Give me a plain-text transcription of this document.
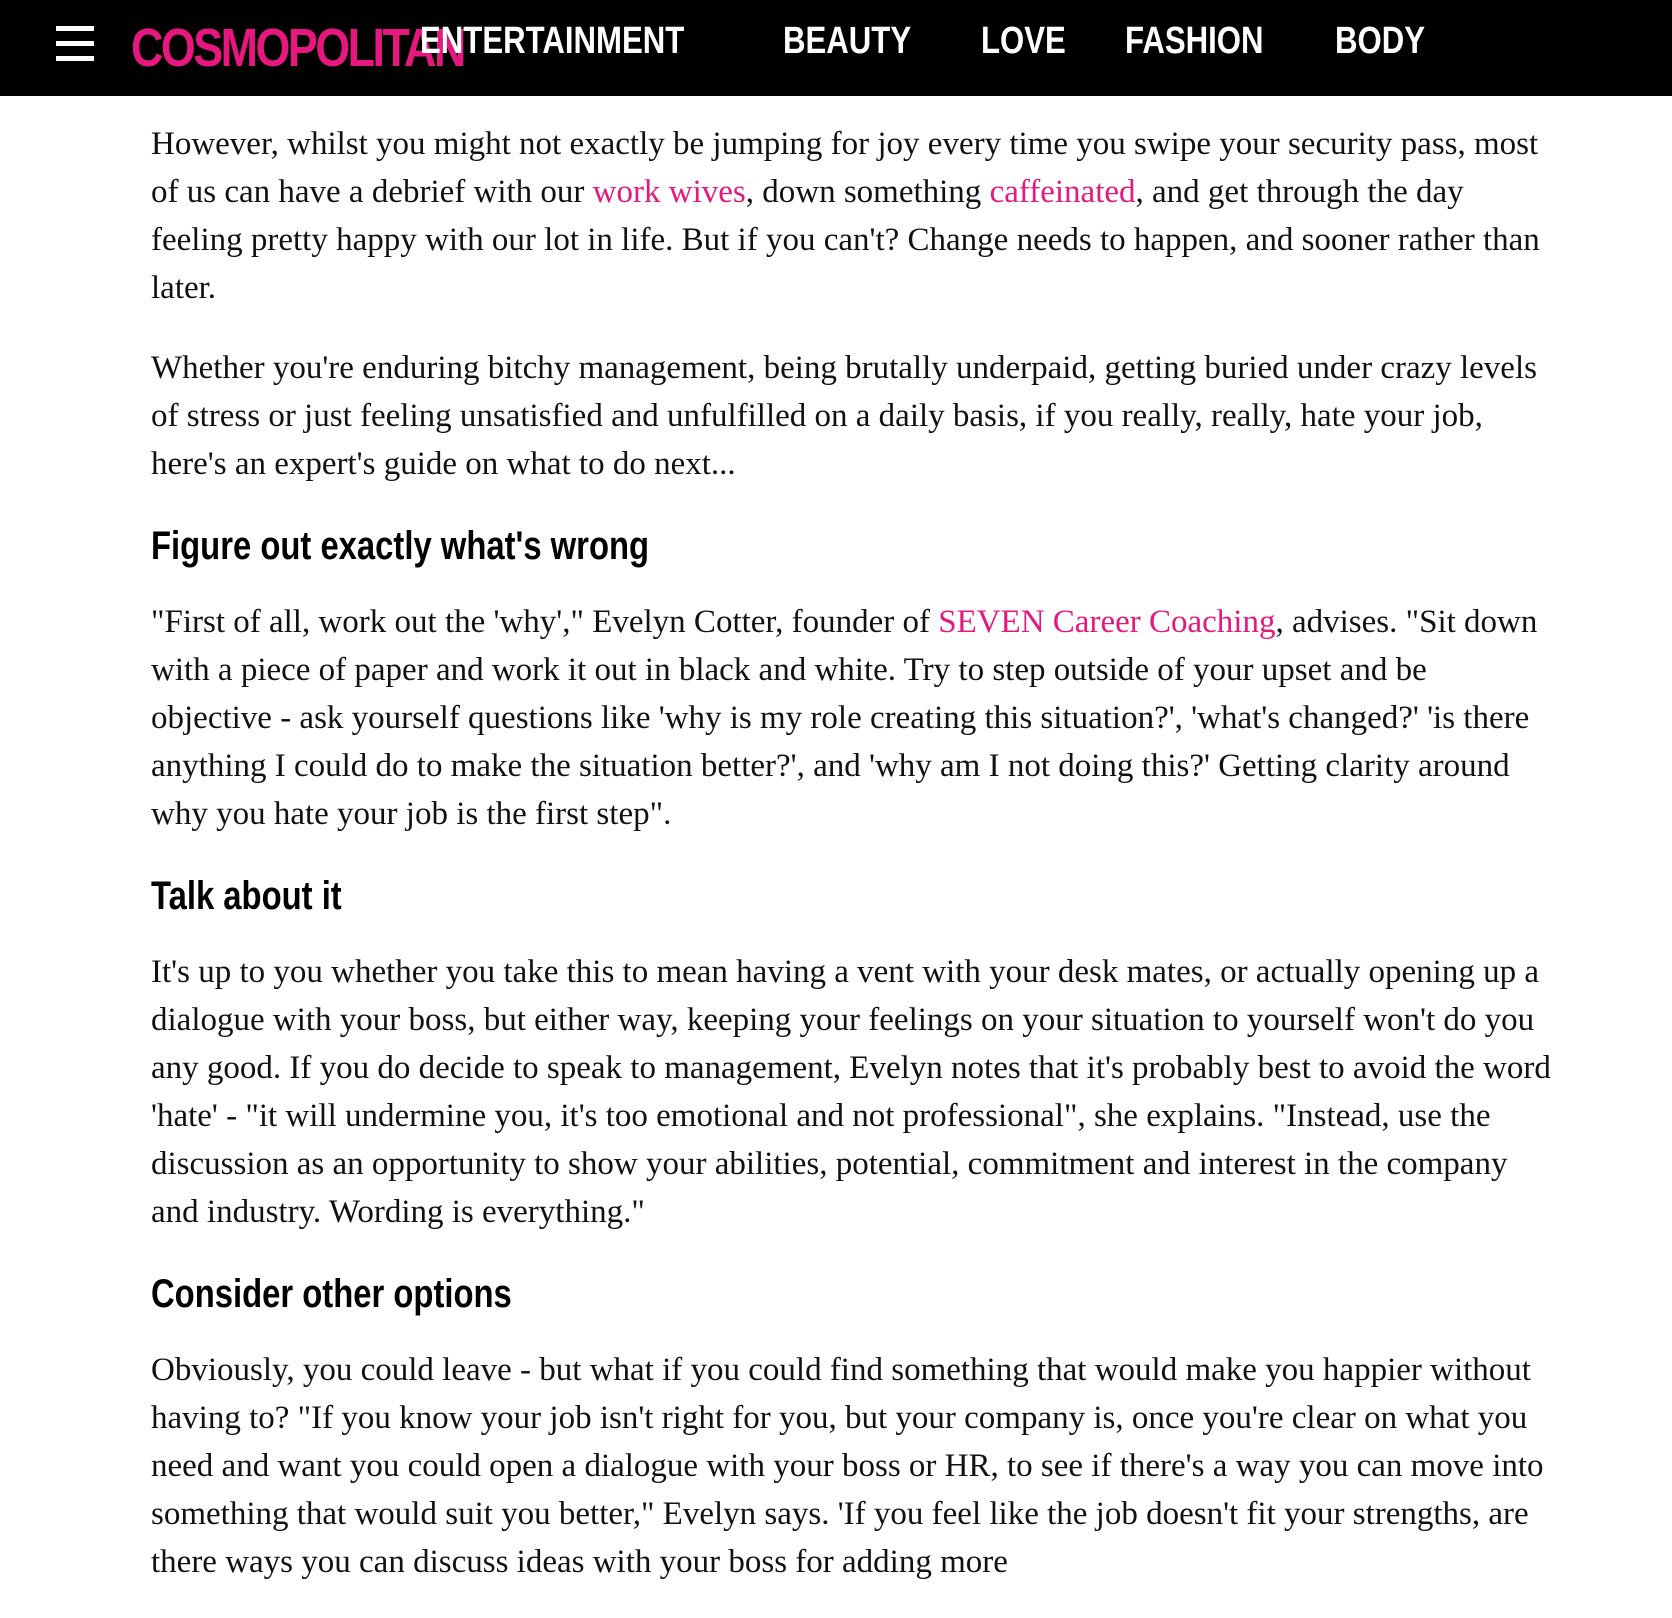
COSMOPOLITAN
ENTERTAINMENT	BEAUTY LOVE FASHION BODY

However, whilst you might not exactly be jumping for joy every time you swipe your security pass, most of us can have a debrief with our work wives, down something caffeinated, and get through the day feeling pretty happy with our lot in life. But if you can't? Change needs to happen, and sooner rather than later.

Whether you're enduring bitchy management, being brutally underpaid, getting buried under crazy levels of stress or just feeling unsatisfied and unfulfilled on a daily basis, if you really, really, hate your job, here's an expert's guide on what to do next...

Figure out exactly what's wrong

"First of all, work out the 'why'," Evelyn Cotter, founder of SEVEN Career Coaching, advises. "Sit down with a piece of paper and work it out in black and white. Try to step outside of your upset and be objective - ask yourself questions like 'why is my role creating this situation?', 'what's changed?' 'is there anything I could do to make the situation better?', and 'why am I not doing this?' Getting clarity around why you hate your job is the first step".

Talk about it

It's up to you whether you take this to mean having a vent with your desk mates, or actually opening up a dialogue with your boss, but either way, keeping your feelings on your situation to yourself won't do you any good. If you do decide to speak to management, Evelyn notes that it's probably best to avoid the word 'hate' - "it will undermine you, it's too emotional and not professional", she explains. "Instead, use the discussion as an opportunity to show your abilities, potential, commitment and interest in the company and industry. Wording is everything."

Consider other options

Obviously, you could leave - but what if you could find something that would make you happier without having to? "If you know your job isn't right for you, but your company is, once you're clear on what you need and want you could open a dialogue with your boss or HR, to see if there's a way you can move into something that would suit you better," Evelyn says. 'If you feel like the job doesn't fit your strengths, are there ways you can discuss ideas with your boss for adding more
